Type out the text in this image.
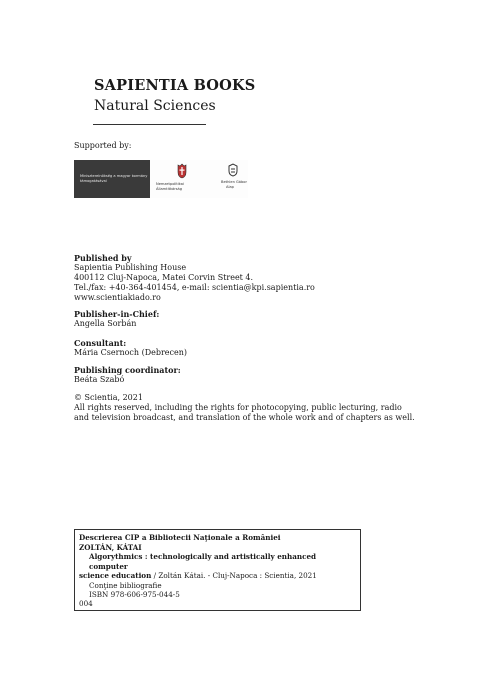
SAPIENTIA BOOKS
Natural Sciences
Supported by:
Miniszterelnökség a magyar kormány
támogatásával
Nemzetpolitikai
Államtitkárság
Bethlen Gábor
Alap
Published by
Sapientia Publishing House
400112 Cluj-Napoca, Matei Corvin Street 4.
Tel./fax: +40-364-401454, e-mail: scientia@kpi.sapientia.ro
www.scientiakiado.ro
Publisher-in-Chief:
Angella Sorbán
Consultant:
Mária Csernoch (Debrecen)
Publishing coordinator:
Beáta Szabó
© Scientia, 2021
All rights reserved, including the rights for photocopying, public lecturing, radio
and television broadcast, and translation of the whole work and of chapters as well.
Descrierea CIP a Bibliotecii Naţionale a României
ZOLTÁN, KÁTAI
Algorythmics : technologically and artistically enhanced computer
science education / Zoltán Kátai. - Cluj-Napoca : Scientia, 2021
Conţine bibliografie
ISBN 978-606-975-044-5
004
